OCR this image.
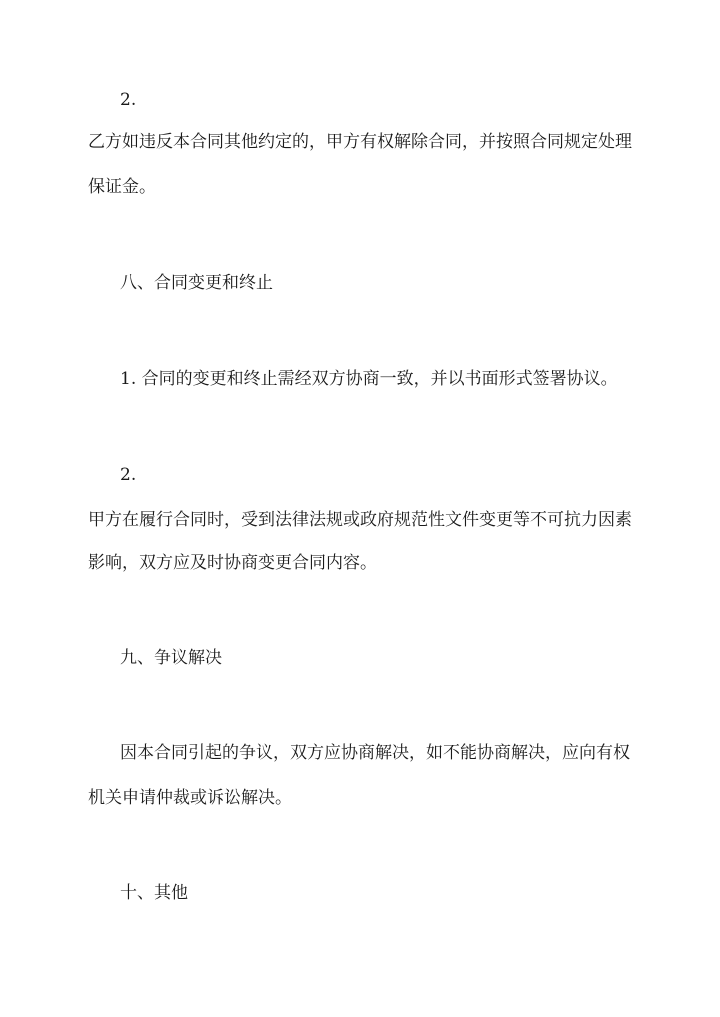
2.
乙方如违反本合同其他约定的，甲方有权解除合同，并按照合同规定处理
保证金。
八、合同变更和终止
1. 合同的变更和终止需经双方协商一致，并以书面形式签署协议。
2.
甲方在履行合同时，受到法律法规或政府规范性文件变更等不可抗力因素
影响，双方应及时协商变更合同内容。
九、争议解决
因本合同引起的争议，双方应协商解决，如不能协商解决，应向有权
机关申请仲裁或诉讼解决。
十、其他
